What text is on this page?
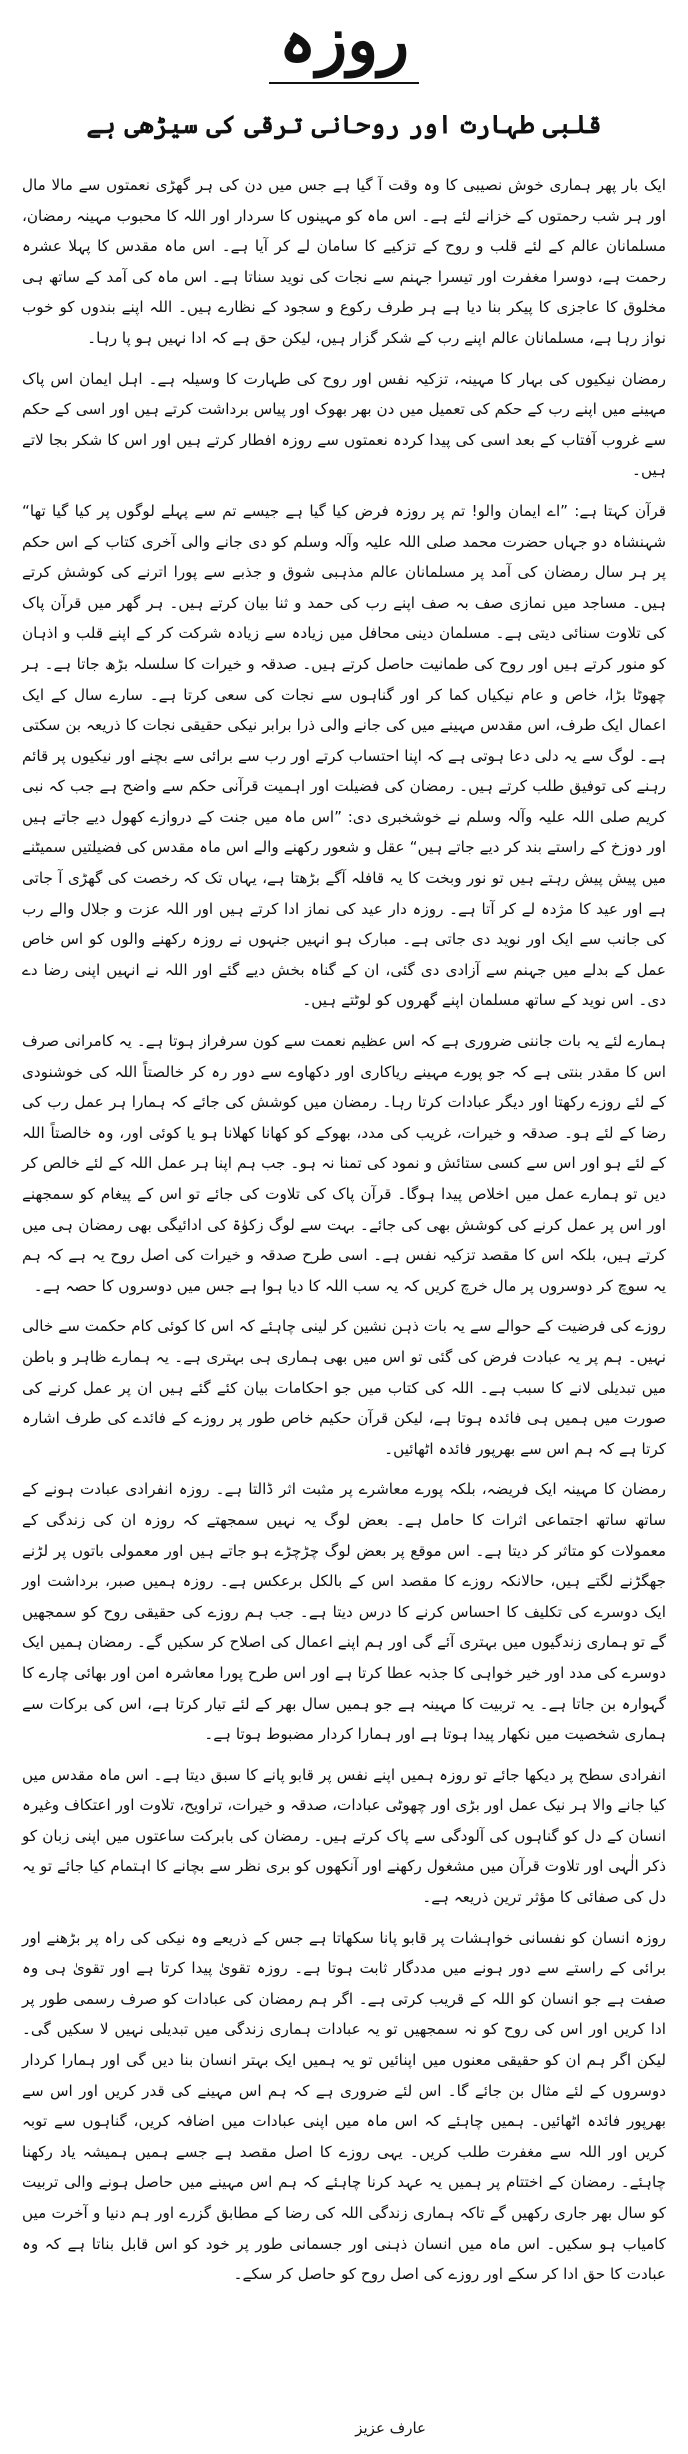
روزہ
قلبی طہارت اور روحانی ترقی کی سیڑھی ہے

ایک بار پھر ہماری خوش نصیبی کا وہ وقت آ گیا ہے جس میں دن کی ہر گھڑی نعمتوں سے مالا مال اور ہر شب رحمتوں کے خزانے لئے ہے۔ اس ماہ کو مہینوں کا سردار اور اللہ کا محبوب مہینہ رمضان، مسلمانان عالم کے لئے قلب و روح کے تزکیے کا سامان لے کر آیا ہے۔ اس ماہ مقدس کا پہلا عشرہ رحمت ہے، دوسرا مغفرت اور تیسرا جہنم سے نجات کی نوید سناتا ہے۔ اس ماہ کی آمد کے ساتھ ہی مخلوق کا عاجزی کا پیکر بنا دیا ہے ہر طرف رکوع و سجود کے نظارے ہیں۔ اللہ اپنے بندوں کو خوب نواز رہا ہے، مسلمانان عالم اپنے رب کے شکر گزار ہیں، لیکن حق ہے کہ ادا نہیں ہو پا رہا۔

رمضان نیکیوں کی بہار کا مہینہ، تزکیہ نفس اور روح کی طہارت کا وسیلہ ہے۔ اہل ایمان اس پاک مہینے میں اپنے رب کے حکم کی تعمیل میں دن بھر بھوک اور پیاس برداشت کرتے ہیں اور اسی کے حکم سے غروب آفتاب کے بعد اسی کی پیدا کردہ نعمتوں سے روزہ افطار کرتے ہیں اور اس کا شکر بجا لاتے ہیں۔

قرآن کہتا ہے: ”اے ایمان والو! تم پر روزہ فرض کیا گیا ہے جیسے تم سے پہلے لوگوں پر کیا گیا تھا“ شہنشاہ دو جہاں حضرت محمد صلی اللہ علیہ وآلہ وسلم کو دی جانے والی آخری کتاب کے اس حکم پر ہر سال رمضان کی آمد پر مسلمانان عالم مذہبی شوق و جذبے سے پورا اترنے کی کوشش کرتے ہیں۔ مساجد میں نمازی صف بہ صف اپنے رب کی حمد و ثنا بیان کرتے ہیں۔ ہر گھر میں قرآن پاک کی تلاوت سنائی دیتی ہے۔ مسلمان دینی محافل میں زیادہ سے زیادہ شرکت کر کے اپنے قلب و اذہان کو منور کرتے ہیں اور روح کی طمانیت حاصل کرتے ہیں۔ صدقہ و خیرات کا سلسلہ بڑھ جاتا ہے۔ ہر چھوٹا بڑا، خاص و عام نیکیاں کما کر اور گناہوں سے نجات کی سعی کرتا ہے۔ سارے سال کے ایک اعمال ایک طرف، اس مقدس مہینے میں کی جانے والی ذرا برابر نیکی حقیقی نجات کا ذریعہ بن سکتی ہے۔ لوگ سے یہ دلی دعا ہوتی ہے کہ اپنا احتساب کرتے اور رب سے برائی سے بچنے اور نیکیوں پر قائم رہنے کی توفیق طلب کرتے ہیں۔ رمضان کی فضیلت اور اہمیت قرآنی حکم سے واضح ہے جب کہ نبی کریم صلی اللہ علیہ وآلہ وسلم نے خوشخبری دی: ”اس ماہ میں جنت کے دروازے کھول دیے جاتے ہیں اور دوزخ کے راستے بند کر دیے جاتے ہیں“ عقل و شعور رکھنے والے اس ماہ مقدس کی فضیلتیں سمیٹنے میں پیش پیش رہتے ہیں تو نور وبخت کا یہ قافلہ آگے بڑھتا ہے، یہاں تک کہ رخصت کی گھڑی آ جاتی ہے اور عید کا مژدہ لے کر آتا ہے۔ روزہ دار عید کی نماز ادا کرتے ہیں اور اللہ عزت و جلال والے رب کی جانب سے ایک اور نوید دی جاتی ہے۔ مبارک ہو انہیں جنہوں نے روزہ رکھنے والوں کو اس خاص عمل کے بدلے میں جہنم سے آزادی دی گئی، ان کے گناہ بخش دیے گئے اور اللہ نے انہیں اپنی رضا دے دی۔ اس نوید کے ساتھ مسلمان اپنے گھروں کو لوٹتے ہیں۔

ہمارے لئے یہ بات جاننی ضروری ہے کہ اس عظیم نعمت سے کون سرفراز ہوتا ہے۔ یہ کامرانی صرف اس کا مقدر بنتی ہے کہ جو پورے مہینے ریاکاری اور دکھاوے سے دور رہ کر خالصتاً اللہ کی خوشنودی کے لئے روزے رکھتا اور دیگر عبادات کرتا رہا۔ رمضان میں کوشش کی جائے کہ ہمارا ہر عمل رب کی رضا کے لئے ہو۔ صدقہ و خیرات، غریب کی مدد، بھوکے کو کھانا کھلانا ہو یا کوئی اور، وہ خالصتاً اللہ کے لئے ہو اور اس سے کسی ستائش و نمود کی تمنا نہ ہو۔ جب ہم اپنا ہر عمل اللہ کے لئے خالص کر دیں تو ہمارے عمل میں اخلاص پیدا ہوگا۔ قرآن پاک کی تلاوت کی جائے تو اس کے پیغام کو سمجھنے اور اس پر عمل کرنے کی کوشش بھی کی جائے۔ بہت سے لوگ زکوٰۃ کی ادائیگی بھی رمضان ہی میں کرتے ہیں، بلکہ اس کا مقصد تزکیہ نفس ہے۔ اسی طرح صدقہ و خیرات کی اصل روح یہ ہے کہ ہم یہ سوچ کر دوسروں پر مال خرچ کریں کہ یہ سب اللہ کا دیا ہوا ہے جس میں دوسروں کا حصہ ہے۔

روزے کی فرضیت کے حوالے سے یہ بات ذہن نشین کر لینی چاہئے کہ اس کا کوئی کام حکمت سے خالی نہیں۔ ہم پر یہ عبادت فرض کی گئی تو اس میں بھی ہماری ہی بہتری ہے۔ یہ ہمارے ظاہر و باطن میں تبدیلی لانے کا سبب ہے۔ اللہ کی کتاب میں جو احکامات بیان کئے گئے ہیں ان پر عمل کرنے کی صورت میں ہمیں ہی فائدہ ہوتا ہے، لیکن قرآن حکیم خاص طور پر روزے کے فائدے کی طرف اشارہ کرتا ہے کہ ہم اس سے بھرپور فائدہ اٹھائیں۔

رمضان کا مہینہ ایک فریضہ، بلکہ پورے معاشرے پر مثبت اثر ڈالتا ہے۔ روزہ انفرادی عبادت ہونے کے ساتھ ساتھ اجتماعی اثرات کا حامل ہے۔ بعض لوگ یہ نہیں سمجھتے کہ روزہ ان کی زندگی کے معمولات کو متاثر کر دیتا ہے۔ اس موقع پر بعض لوگ چڑچڑے ہو جاتے ہیں اور معمولی باتوں پر لڑنے جھگڑنے لگتے ہیں، حالانکہ روزے کا مقصد اس کے بالکل برعکس ہے۔ روزہ ہمیں صبر، برداشت اور ایک دوسرے کی تکلیف کا احساس کرنے کا درس دیتا ہے۔ جب ہم روزے کی حقیقی روح کو سمجھیں گے تو ہماری زندگیوں میں بہتری آئے گی اور ہم اپنے اعمال کی اصلاح کر سکیں گے۔ رمضان ہمیں ایک دوسرے کی مدد اور خیر خواہی کا جذبہ عطا کرتا ہے اور اس طرح پورا معاشرہ امن اور بھائی چارے کا گہوارہ بن جاتا ہے۔ یہ تربیت کا مہینہ ہے جو ہمیں سال بھر کے لئے تیار کرتا ہے، اس کی برکات سے ہماری شخصیت میں نکھار پیدا ہوتا ہے اور ہمارا کردار مضبوط ہوتا ہے۔

انفرادی سطح پر دیکھا جائے تو روزہ ہمیں اپنے نفس پر قابو پانے کا سبق دیتا ہے۔ اس ماہ مقدس میں کیا جانے والا ہر نیک عمل اور بڑی اور چھوٹی عبادات، صدقہ و خیرات، تراویح، تلاوت اور اعتکاف وغیرہ انسان کے دل کو گناہوں کی آلودگی سے پاک کرتے ہیں۔ رمضان کی بابرکت ساعتوں میں اپنی زبان کو ذکر الٰہی اور تلاوت قرآن میں مشغول رکھنے اور آنکھوں کو بری نظر سے بچانے کا اہتمام کیا جائے تو یہ دل کی صفائی کا مؤثر ترین ذریعہ ہے۔

روزہ انسان کو نفسانی خواہشات پر قابو پانا سکھاتا ہے جس کے ذریعے وہ نیکی کی راہ پر بڑھنے اور برائی کے راستے سے دور ہونے میں مددگار ثابت ہوتا ہے۔ روزہ تقویٰ پیدا کرتا ہے اور تقویٰ ہی وہ صفت ہے جو انسان کو اللہ کے قریب کرتی ہے۔ اگر ہم رمضان کی عبادات کو صرف رسمی طور پر ادا کریں اور اس کی روح کو نہ سمجھیں تو یہ عبادات ہماری زندگی میں تبدیلی نہیں لا سکیں گی۔ لیکن اگر ہم ان کو حقیقی معنوں میں اپنائیں تو یہ ہمیں ایک بہتر انسان بنا دیں گی اور ہمارا کردار دوسروں کے لئے مثال بن جائے گا۔ اس لئے ضروری ہے کہ ہم اس مہینے کی قدر کریں اور اس سے بھرپور فائدہ اٹھائیں۔ ہمیں چاہئے کہ اس ماہ میں اپنی عبادات میں اضافہ کریں، گناہوں سے توبہ کریں اور اللہ سے مغفرت طلب کریں۔ یہی روزے کا اصل مقصد ہے جسے ہمیں ہمیشہ یاد رکھنا چاہئے۔ رمضان کے اختتام پر ہمیں یہ عہد کرنا چاہئے کہ ہم اس مہینے میں حاصل ہونے والی تربیت کو سال بھر جاری رکھیں گے تاکہ ہماری زندگی اللہ کی رضا کے مطابق گزرے اور ہم دنیا و آخرت میں کامیاب ہو سکیں۔ اس ماہ میں انسان ذہنی اور جسمانی طور پر خود کو اس قابل بناتا ہے کہ وہ عبادت کا حق ادا کر سکے اور روزے کی اصل روح کو حاصل کر سکے۔

عارف عزیز
